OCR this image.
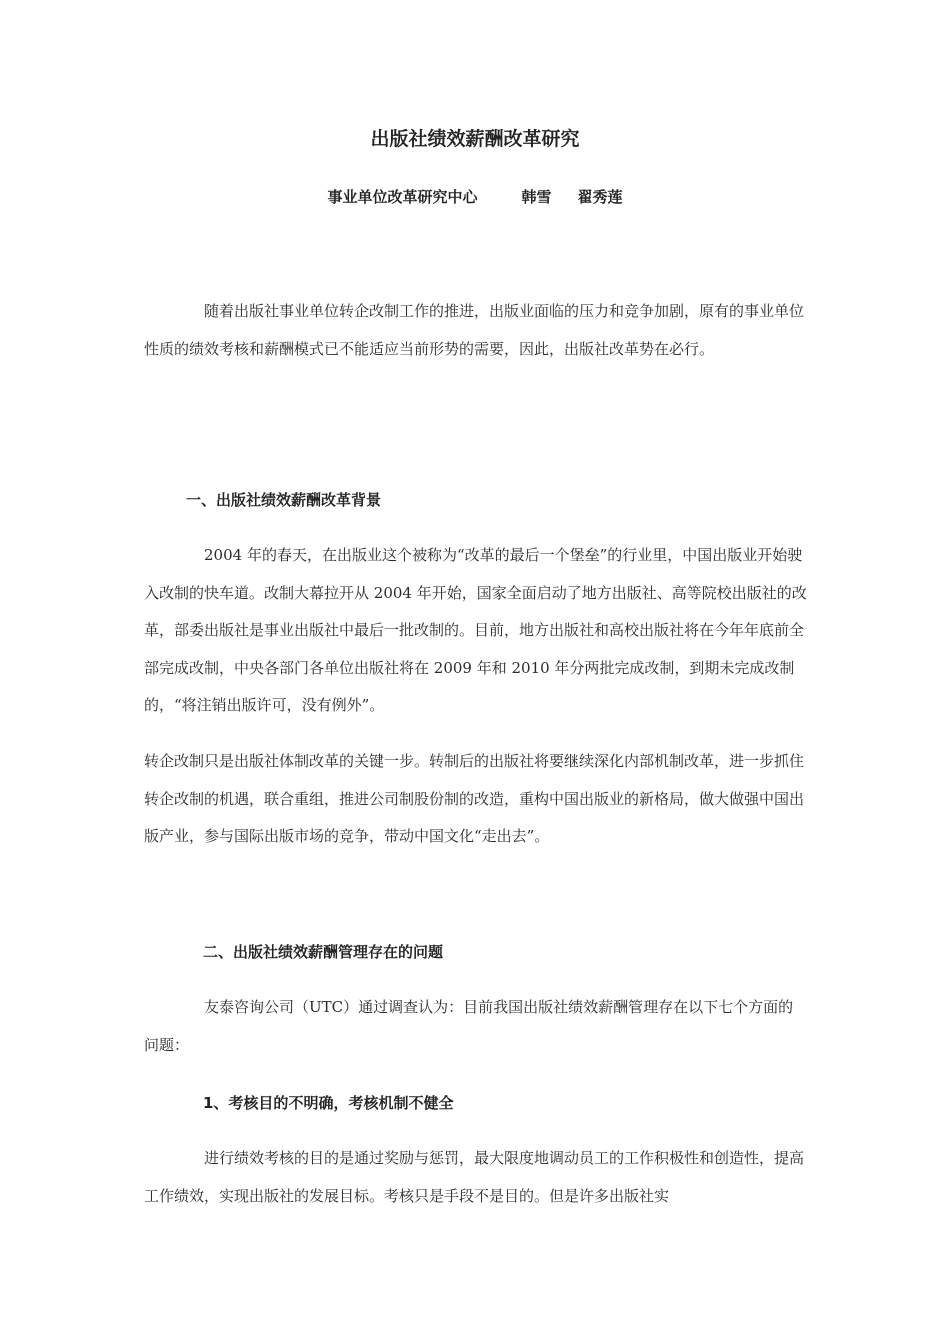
出版社绩效薪酬改革研究
事业单位改革研究中心	韩雪 翟秀莲

随着出版社事业单位转企改制工作的推进，出版业面临的压力和竞争加剧，原有的事业单位性质的绩效考核和薪酬模式已不能适应当前形势的需要，因此，出版社改革势在必行。

一、出版社绩效薪酬改革背景

2004 年的春天，在出版业这个被称为“改革的最后一个堡垒”的行业里，中国出版业开始驶入改制的快车道。改制大幕拉开从 2004 年开始，国家全面启动了地方出版社、高等院校出版社的改革，部委出版社是事业出版社中最后一批改制的。目前，地方出版社和高校出版社将在今年年底前全部完成改制，中央各部门各单位出版社将在 2009 年和 2010 年分两批完成改制，到期未完成改制的，“将注销出版许可，没有例外”。

转企改制只是出版社体制改革的关键一步。转制后的出版社将要继续深化内部机制改革，进一步抓住转企改制的机遇，联合重组，推进公司制股份制的改造，重构中国出版业的新格局，做大做强中国出版产业，参与国际出版市场的竞争，带动中国文化“走出去”。

二、出版社绩效薪酬管理存在的问题

友泰咨询公司（UTC）通过调查认为：目前我国出版社绩效薪酬管理存在以下七个方面的问题：

1、考核目的不明确，考核机制不健全

进行绩效考核的目的是通过奖励与惩罚，最大限度地调动员工的工作积极性和创造性，提高工作绩效，实现出版社的发展目标。考核只是手段不是目的。但是许多出版社实
